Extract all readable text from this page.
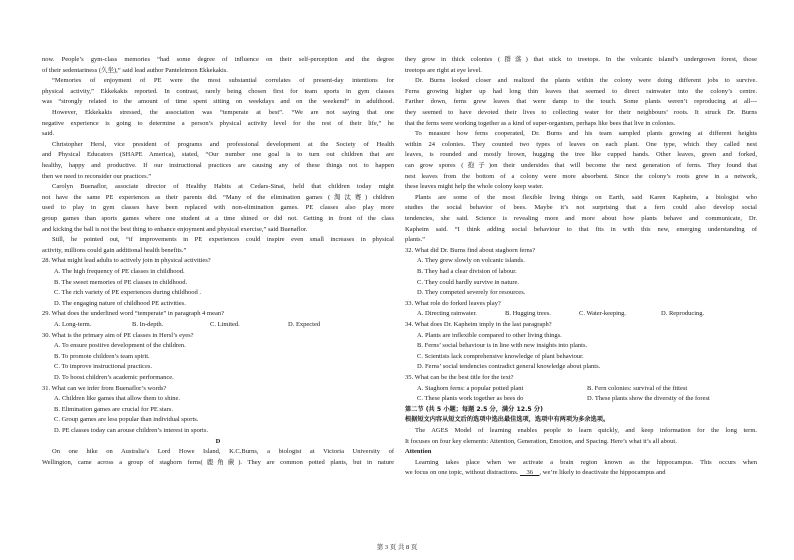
now. People’s gym-class memories “had some degree of influence on their self-perception and the degree
of their sedentariness (久坐),” said lead author Panteleimon Ekkekakis.
“Memories of enjoyment of PE were the most substantial correlates of present-day intentions for
physical activity,” Ekkekakis reported. In contrast, rarely being chosen first for team sports in gym classes
was “strongly related to the amount of time spent sitting on weekdays and on the weekend” in adulthood.
However, Ekkekakis stressed, the association was “temperate at best”. “We are not saying that one
negative experience is going to determine a person’s physical activity level for the rest of their life,” he
said.
Christopher Hersl, vice president of programs and professional development at the Society of Health
and Physical Educators (SHAPE America), stated, “Our number one goal is to turn out children that are
healthy, happy and productive. If our instructional practices are causing any of these things not to happen
then we need to reconsider our practices.”
Carolyn Buenaflor, associate director of Healthy Habits at Cedars-Sinai, held that children today might
not have the same PE experiences as their parents did. “Many of the elimination games (淘汰赛) children
used to play in gym classes have been replaced with non-elimination games. PE classes also play more
group games than sports games where one student at a time shined or did not. Getting in front of the class
and kicking the ball is not the best thing to enhance enjoyment and physical exercise,” said Buenaflor.
Still, he pointed out, “if improvements in PE experiences could inspire even small increases in physical
activity, millions could gain additional health benefits.”
28. What might lead adults to actively join in physical activities?
A. The high frequency of PE classes in childhood.
B. The sweet memories of PE classes in childhood.
C. The rich variety of PE experiences during childhood .
D. The engaging nature of childhood PE activities.
29. What does the underlined word “temperate” in paragraph 4 mean?
A. Long-term.	B. In-depth.	C. Limited.	D. Expected
30. What is the primary aim of PE classes in Hersl’s eyes?
A. To ensure positive development of the children.
B. To promote children’s team spirit.
C. To improve instructional practices.
D. To boost children’s academic performance.
31. What can we infer from Buenaflor’s words?
A. Children like games that allow them to shine.
B. Elimination games are crucial for PE stars.
C. Group games are less popular than individual sports.
D. PE classes today can arouse children’s interest in sports.
D
On one hike on Australia’s Lord Howe Island, K.C.Burns, a biologist at Victoria University of
Wellington, came across a group of staghorn ferns(鹿角蕨). They are common potted plants, but in nature
they grow in thick colonies (群落) that stick to treetops. In the volcanic island’s undergrown forest, those
treetops are right at eye level.
Dr. Burns looked closer and realized the plants within the colony were doing different jobs to survive.
Ferns growing higher up had long thin leaves that seemed to direct rainwater into the colony’s centre.
Farther down, ferns grew leaves that were damp to the touch. Some plants weren’t reproducing at all---
they seemed to have devoted their lives to collecting water for their neighbours’ roots. It struck Dr. Burns
that the ferns were working together as a kind of super-organism, perhaps like bees that live in colonies.
To measure how ferns cooperated, Dr. Burns and his team sampled plants growing at different heights
within 24 colonies. They counted two types of leaves on each plant. One type, which they called nest
leaves, is rounded and mostly brown, hugging the tree like cupped hands. Other leaves, green and forked,
can grow spores (孢子)on their undersides that will become the next generation of ferns. They found that
nest leaves from the bottom of a colony were more absorbent. Since the colony’s roots grew in a network,
these leaves might help the whole colony keep water.
Plants are some of the most flexible living things on Earth, said Karen Kapheim, a biologist who
studies the social behavior of bees. Maybe it’s not surprising that a fern could also develop social
tendencies, she said. Science is revealing more and more about how plants behave and communicate, Dr.
Kapheim said. “I think adding social behaviour to that fits in with this new, emerging understanding of
plants.”
32. What did Dr. Burns find about staghorn ferns?
A. They grew slowly on volcanic islands.
B. They had a clear division of labour.
C. They could hardly survive in nature.
D. They competed severely for resources.
33. What role do forked leaves play?
A. Directing rainwater.	B. Hugging trees.	C. Water-keeping.	D. Reproducing.
34. What does Dr. Kapheim imply in the last paragraph?
A. Plants are inflexible compared to other living things.
B. Ferns’ social behaviour is in line with new insights into plants.
C. Scientists lack comprehensive knowledge of plant behaviour.
D. Ferns’ social tendencies contradict general knowledge about plants.
35. What can be the best title for the text?
A. Staghorn ferns: a popular potted plant	B. Fern colonies: survival of the fittest
C. These plants work together as bees do	D. These plants show the diversity of the forest
第二节 (共 5 小题；每题 2.5 分，满分 12.5 分)
根据短文内容从短文后的选项中选出最佳选项，选项中有两项为多余选项。
The AGES Model of learning enables people to learn quickly, and keep information for the long term.
It focuses on four key elements: Attention, Generation, Emotion, and Spacing. Here’s what it’s all about.
Attention
Learning takes place when we activate a brain region known as the hippocampus. This occurs when
we focus on one topic, without distractions. 36 , we’re likely to deactivate the hippocampus and
第 3 页 共 8 页
